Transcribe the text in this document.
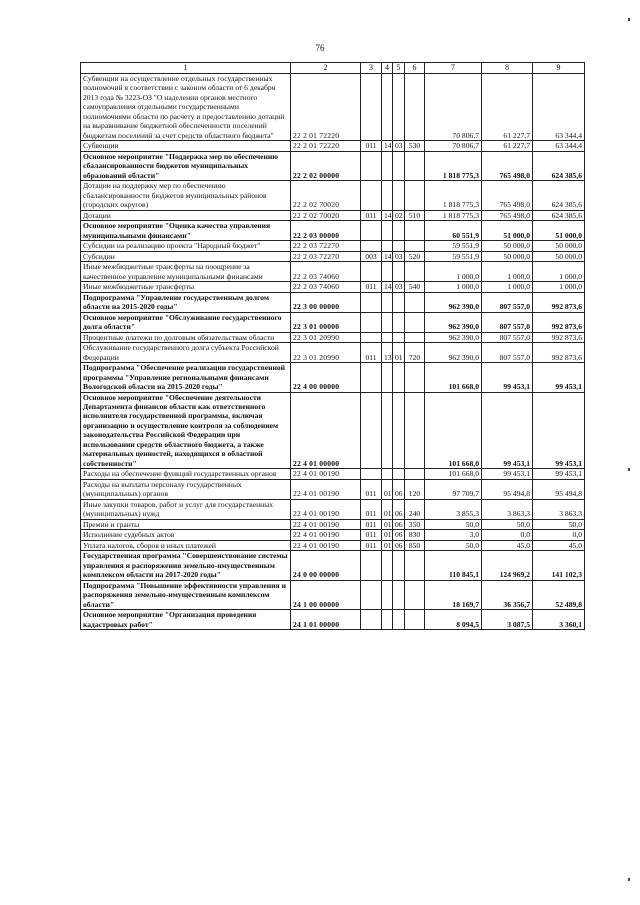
76
1	2	3	4	5	6	7	8	9
Субвенции на осуществление отдельных государственных полномочий в соответствии с законом области от 6 декабря 2013 года № 3223-ОЗ "О наделении органов местного самоуправления отдельными государственными полномочиями области по расчету и предоставлению дотаций на выравнивание бюджетной обеспеченности поселений бюджетам поселений за счет средств областного бюджета"	22 2 01 72220					70 806,7	61 227,7	63 344,4
Субвенции	22 2 01 72220	011	14	03	530	70 806,7	61 227,7	63 344,4
Основное мероприятие "Поддержка мер по обеспечению сбалансированности бюджетов муниципальных образований области"	22 2 02 00000					1 818 775,3	765 498,0	624 385,6
Дотации на поддержку мер по обеспечению сбалансированности бюджетов муниципальных районов (городских округов)	22 2 02 70020					1 818 775,3	765 498,0	624 385,6
Дотации	22 2 02 70020	011	14	02	510	1 818 775,3	765 498,0	624 385,6
Основное мероприятие "Оценка качества управления муниципальными финансами"	22 2 03 00000					60 551,9	51 000,0	51 000,0
Субсидии на реализацию проекта "Народный бюджет"	22 2 03 72270					59 551,9	50 000,0	50 000,0
Субсидии	22 2 03 72270	003	14	03	520	59 551,9	50 000,0	50 000,0
Иные межбюджетные трансферты на поощрение за качественное управление муниципальными финансами	22 2 03 74060					1 000,0	1 000,0	1 000,0
Иные межбюджетные трансферты	22 2 03 74060	011	14	03	540	1 000,0	1 000,0	1 000,0
Подпрограмма "Управление государственным долгом области на 2015-2020 годы"	22 3 00 00000					962 390,0	807 557,0	992 873,6
Основное мероприятие "Обслуживание государственного долга области"	22 3 01 00000					962 390,0	807 557,0	992 873,6
Процентные платежи по долговым обязательствам области	22 3 01 20990					962 390,0	807 557,0	992 873,6
Обслуживание государственного долга субъекта Российской Федерации	22 3 01 20990	011	13	01	720	962 390,0	807 557,0	992 873,6
Подпрограмма "Обеспечение реализации государственной программы "Управление региональными финансами Вологодской области на 2015-2020 годы"	22 4 00 00000					101 668,0	99 453,1	99 453,1
Основное мероприятие "Обеспечение деятельности Департамента финансов области как ответственного исполнителя государственной программы, включая организацию и осуществление контроля за соблюдением законодательства Российской Федерации при использовании средств областного бюджета, а также материальных ценностей, находящихся в областной собственности"	22 4 01 00000					101 668,0	99 453,1	99 453,1
Расходы на обеспечение функций государственных органов	22 4 01 00190					101 668,0	99 453,1	99 453,1
Расходы на выплаты персоналу государственных (муниципальных) органов	22 4 01 00190	011	01	06	120	97 709,7	95 494,8	95 494,8
Иные закупки товаров, работ и услуг для государственных (муниципальных) нужд	22 4 01 00190	011	01	06	240	3 855,3	3 863,3	3 863,3
Премии и гранты	22 4 01 00190	011	01	06	350	50,0	50,0	50,0
Исполнение судебных актов	22 4 01 00190	011	01	06	830	3,0	0,0	0,0
Уплата налогов, сборов и иных платежей	22 4 01 00190	011	01	06	850	50,0	45,0	45,0
Государственная программа "Совершенствование системы управления и распоряжения земельно-имущественным комплексом области на 2017-2020 годы"	24 0 00 00000					110 845,1	124 969,2	141 102,3
Подпрограмма "Повышение эффективности управления и распоряжения земельно-имущественным комплексом области"	24 1 00 00000					18 169,7	36 356,7	52 489,8
Основное мероприятие "Организация проведения кадастровых работ"	24 1 01 00000					8 094,5	3 087,5	3 360,1
